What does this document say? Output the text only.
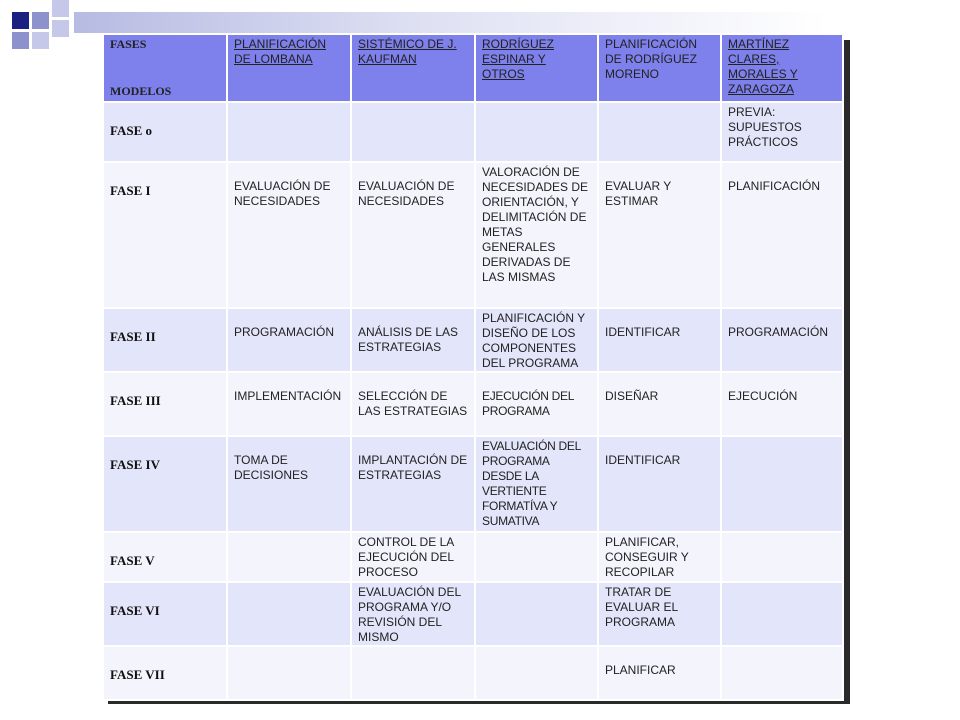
FASES
MODELOS	PLANIFICACIÓN DE LOMBANA	SISTÉMICO DE J. KAUFMAN	RODRÍGUEZ ESPINAR Y OTROS	PLANIFICACIÓN DE RODRÍGUEZ MORENO	MARTÍNEZ CLARES, MORALES Y ZARAGOZA
FASE o					PREVIA: SUPUESTOS PRÁCTICOS
FASE I	EVALUACIÓN DE NECESIDADES	EVALUACIÓN DE NECESIDADES	VALORACIÓN DE NECESIDADES DE ORIENTACIÓN, Y DELIMITACIÓN DE METAS GENERALES DERIVADAS DE LAS MISMAS	EVALUAR Y ESTIMAR	PLANIFICACIÓN
FASE II	PROGRAMACIÓN	ANÁLISIS DE LAS ESTRATEGIAS	PLANIFICACIÓN Y DISEÑO DE LOS COMPONENTES DEL PROGRAMA	IDENTIFICAR	PROGRAMACIÓN
FASE III	IMPLEMENTACIÓN	SELECCIÓN DE LAS ESTRATEGIAS	EJECUCIÓN DEL PROGRAMA	DISEÑAR	EJECUCIÓN
FASE IV	TOMA DE DECISIONES	IMPLANTACIÓN DE ESTRATEGIAS	EVALUACIÓN DEL PROGRAMA DESDE LA VERTIENTE FORMATÍVA Y SUMATIVA	IDENTIFICAR	
FASE V		CONTROL DE LA EJECUCIÓN DEL PROCESO		PLANIFICAR, CONSEGUIR Y RECOPILAR	
FASE VI		EVALUACIÓN DEL PROGRAMA Y/O REVISIÓN DEL MISMO		TRATAR DE EVALUAR EL PROGRAMA	
FASE VII				PLANIFICAR	
